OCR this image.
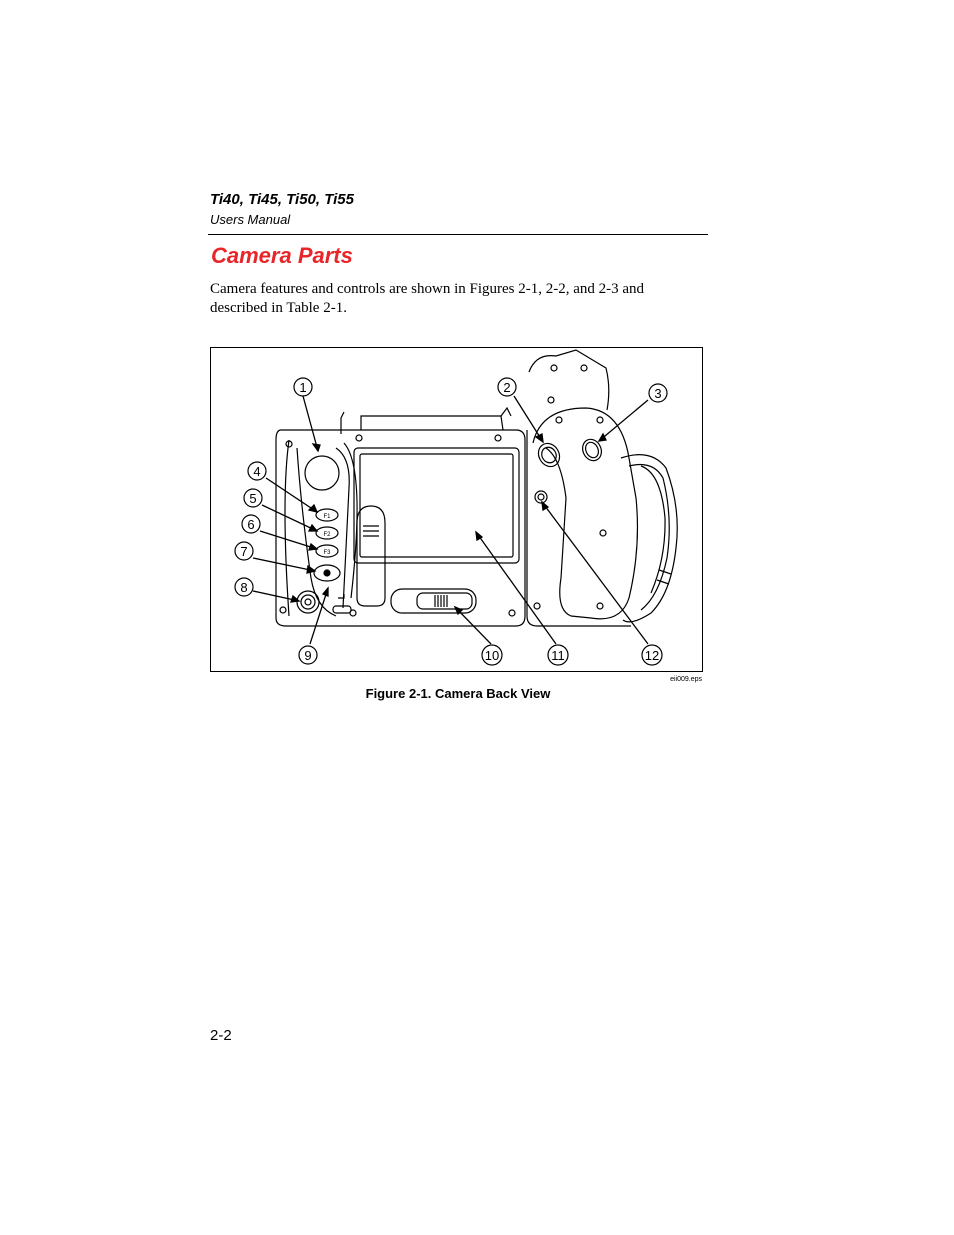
Ti40, Ti45, Ti50, Ti55
Users Manual
Camera Parts
Camera features and controls are shown in Figures 2-1, 2-2, and 2-3 and described in Table 2-1.
F1
F2
F3
1	2	3
4
5
6
7
8
9	10	11	12
eii009.eps
Figure 2-1. Camera Back View
2-2
